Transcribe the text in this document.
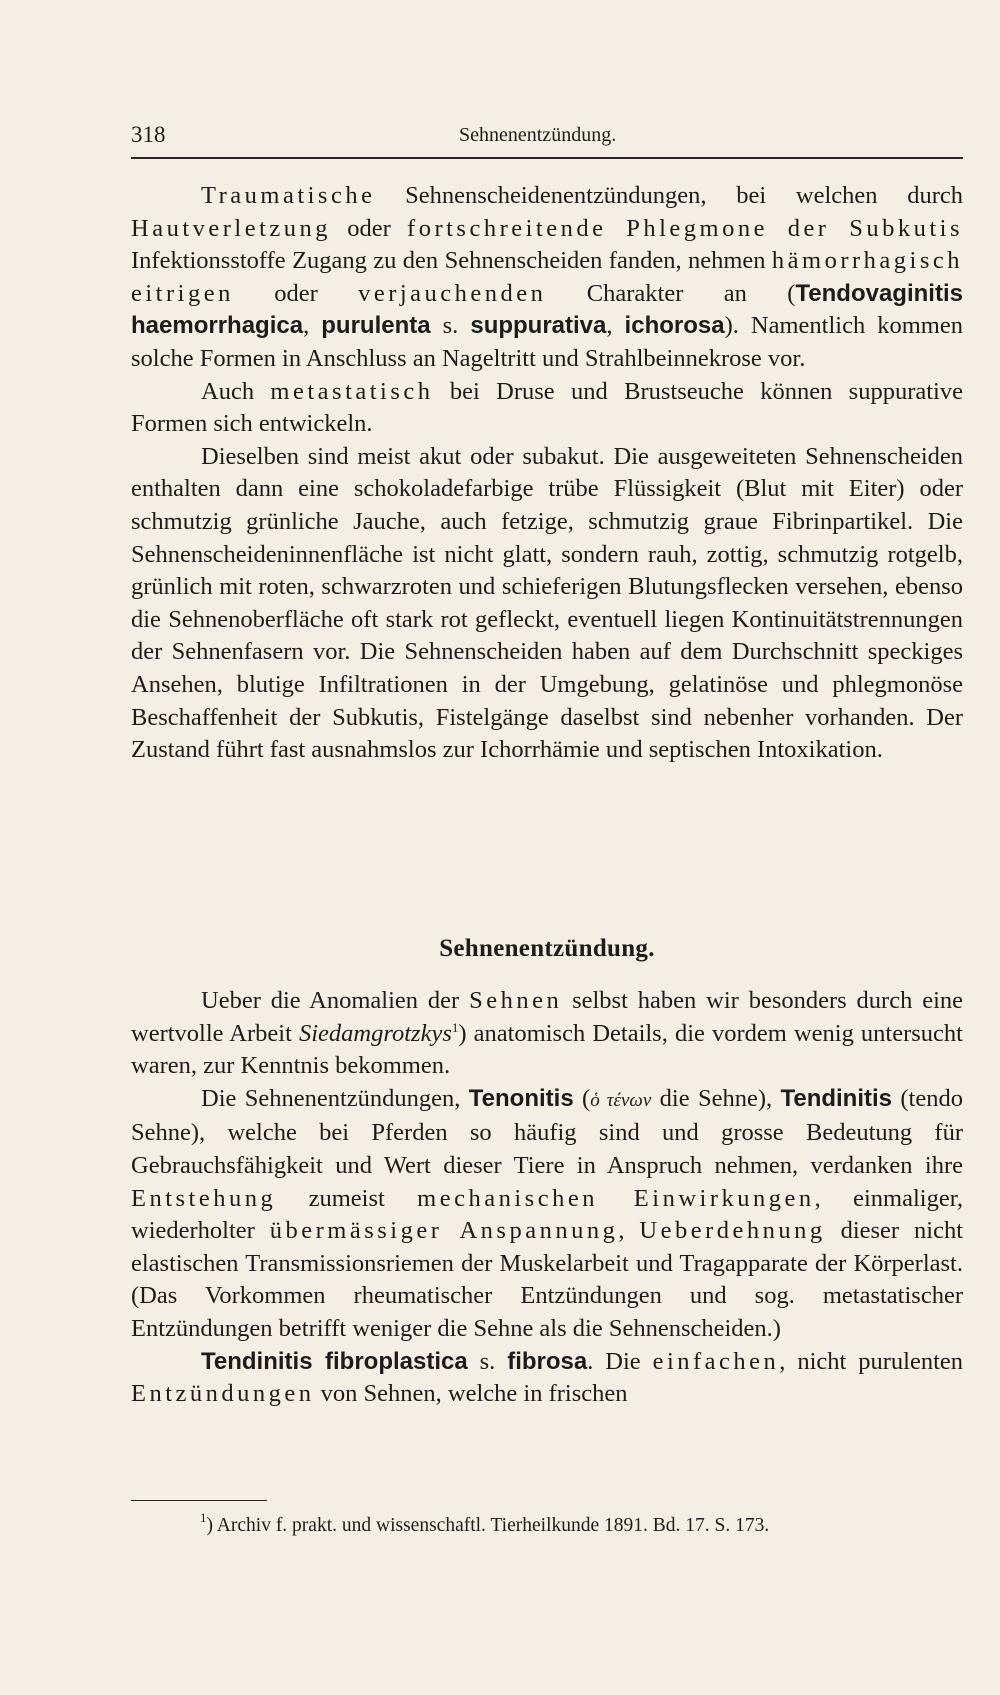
318	Sehnenentzündung.

Traumatische Sehnenscheidenentzündungen, bei welchen durch Hautverletzung oder fortschreitende Phlegmone der Subkutis Infektionsstoffe Zugang zu den Sehnenscheiden fanden, nehmen hämorrhagisch eitrigen oder verjauchenden Charakter an (Tendovaginitis haemorrhagica, purulenta s. suppurativa, ichorosa). Namentlich kommen solche Formen in Anschluss an Nageltritt und Strahlbeinnekrose vor.

Auch metastatisch bei Druse und Brustseuche können suppurative Formen sich entwickeln.

Dieselben sind meist akut oder subakut. Die ausgeweiteten Sehnenscheiden enthalten dann eine schokoladefarbige trübe Flüssigkeit (Blut mit Eiter) oder schmutzig grünliche Jauche, auch fetzige, schmutzig graue Fibrinpartikel. Die Sehnenscheideninnenfläche ist nicht glatt, sondern rauh, zottig, schmutzig rotgelb, grünlich mit roten, schwarzroten und schieferigen Blutungsflecken versehen, ebenso die Sehnenoberfläche oft stark rot gefleckt, eventuell liegen Kontinuitätstrennungen der Sehnenfasern vor. Die Sehnenscheiden haben auf dem Durchschnitt speckiges Ansehen, blutige Infiltrationen in der Umgebung, gelatinöse und phlegmonöse Beschaffenheit der Subkutis, Fistelgänge daselbst sind nebenher vorhanden. Der Zustand führt fast ausnahmslos zur Ichorrhämie und septischen Intoxikation.

Sehnenentzündung.

Ueber die Anomalien der Sehnen selbst haben wir besonders durch eine wertvolle Arbeit Siedamgrotzkys$^1$) anatomisch Details, die vordem wenig untersucht waren, zur Kenntnis bekommen.

Die Sehnenentzündungen, Tenonitis (ὁ τένων die Sehne), Tendinitis (tendo Sehne), welche bei Pferden so häufig sind und grosse Bedeutung für Gebrauchsfähigkeit und Wert dieser Tiere in Anspruch nehmen, verdanken ihre Entstehung zumeist mechanischen Einwirkungen, einmaliger, wiederholter übermässiger Anspannung, Ueberdehnung dieser nicht elastischen Transmissionsriemen der Muskelarbeit und Tragapparate der Körperlast. (Das Vorkommen rheumatischer Entzündungen und sog. metastatischer Entzündungen betrifft weniger die Sehne als die Sehnenscheiden.)

Tendinitis fibroplastica s. fibrosa. Die einfachen, nicht purulenten Entzündungen von Sehnen, welche in frischen

$^1$) Archiv f. prakt. und wissenschaftl. Tierheilkunde 1891. Bd. 17. S. 173.
